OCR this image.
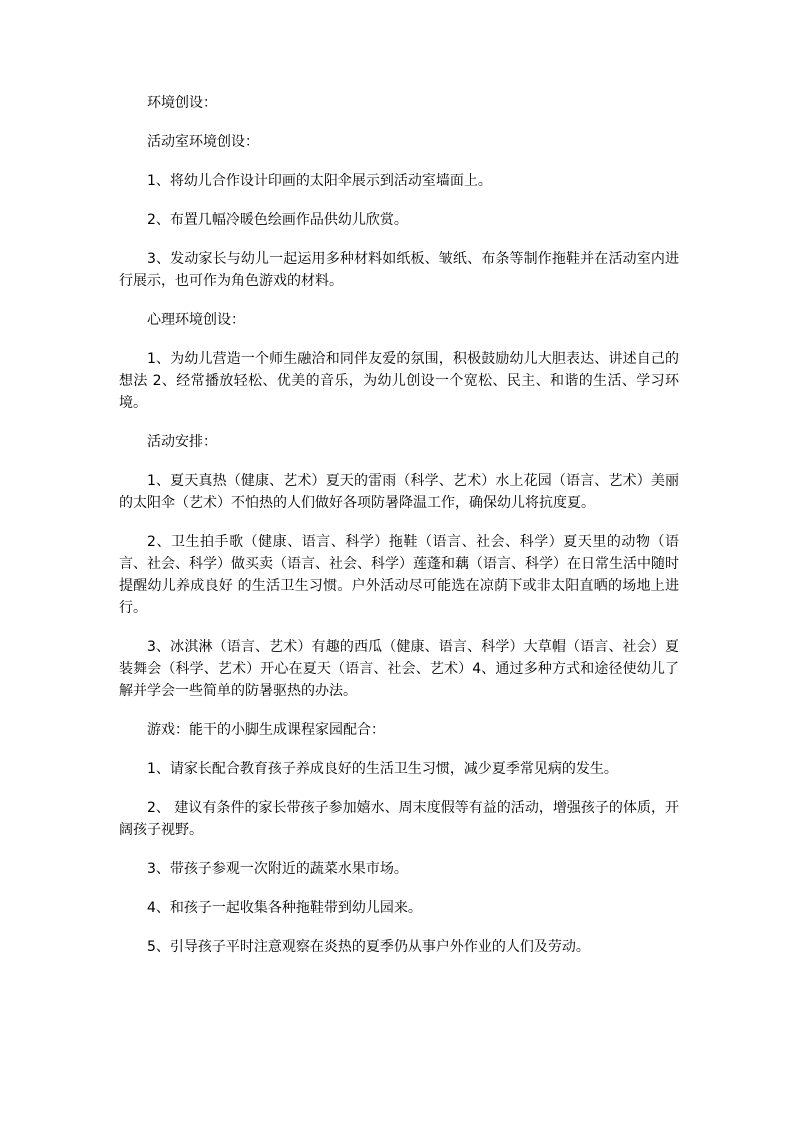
环境创设：

活动室环境创设：

1、将幼儿合作设计印画的太阳伞展示到活动室墙面上。

2、布置几幅冷暖色绘画作品供幼儿欣赏。

3、发动家长与幼儿一起运用多种材料如纸板、皱纸、布条等制作拖鞋并在活动室内进行展示，也可作为角色游戏的材料。

心理环境创设：

1、为幼儿营造一个师生融洽和同伴友爱的氛围，积极鼓励幼儿大胆表达、讲述自己的想法 2、经常播放轻松、优美的音乐，为幼儿创设一个宽松、民主、和谐的生活、学习环境。

活动安排：

1、夏天真热（健康、艺术）夏天的雷雨（科学、艺术）水上花园（语言、艺术）美丽的太阳伞（艺术）不怕热的人们做好各项防暑降温工作，确保幼儿将抗度夏。

2、卫生拍手歌（健康、语言、科学）拖鞋（语言、社会、科学）夏天里的动物（语言、社会、科学）做买卖（语言、社会、科学）莲蓬和藕（语言、科学）在日常生活中随时提醒幼儿养成良好 的生活卫生习惯。户外活动尽可能选在凉荫下或非太阳直晒的场地上进行。

3、冰淇淋（语言、艺术）有趣的西瓜（健康、语言、科学）大草帽（语言、社会）夏装舞会（科学、艺术）开心在夏天（语言、社会、艺术）4、通过多种方式和途径使幼儿了解并学会一些简单的防暑驱热的办法。

游戏：能干的小脚生成课程家园配合：

1、请家长配合教育孩子养成良好的生活卫生习惯，减少夏季常见病的发生。

2、 建议有条件的家长带孩子参加嬉水、周末度假等有益的活动，增强孩子的体质，开阔孩子视野。

3、带孩子参观一次附近的蔬菜水果市场。

4、和孩子一起收集各种拖鞋带到幼儿园来。

5、引导孩子平时注意观察在炎热的夏季仍从事户外作业的人们及劳动。
